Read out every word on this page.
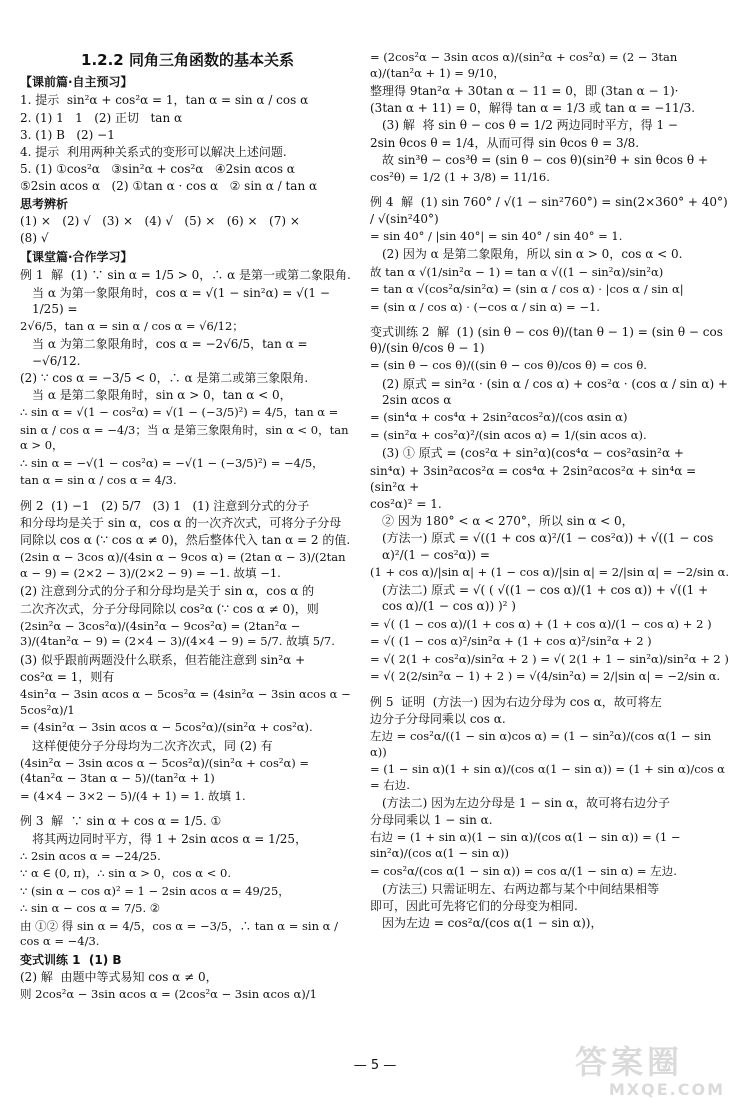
1.2.2 同角三角函数的基本关系
【课前篇·自主预习】
1. 提示  sin²α + cos²α = 1，tan α = sin α / cos α
2. (1) 1   1   (2) 正切   tan α
3. (1) B   (2) −1
4. 提示  利用两种关系式的变形可以解决上述问题.
5. (1) ①cos²α   ③sin²α + cos²α   ④2sin αcos α
⑤2sin αcos α   (2) ①tan α · cos α   ② sin α / tan α
思考辨析
(1) ×   (2) √   (3) ×   (4) √   (5) ×   (6) ×   (7) ×
(8) √
【课堂篇·合作学习】
例 1  解  (1) ∵ sin α = 1/5 > 0，∴ α 是第一或第二象限角.
当 α 为第一象限角时，cos α = √(1 − sin²α) = √(1 − 1/25) =
2√6/5，tan α = sin α / cos α = √6/12；
当 α 为第二象限角时，cos α = −2√6/5，tan α = −√6/12.
(2) ∵ cos α = −3/5 < 0，∴ α 是第二或第三象限角.
当 α 是第二象限角时，sin α > 0，tan α < 0，
∴ sin α = √(1 − cos²α) = √(1 − (−3/5)²) = 4/5，tan α =
sin α / cos α = −4/3；当 α 是第三象限角时，sin α < 0，tan α > 0，
∴ sin α = −√(1 − cos²α) = −√(1 − (−3/5)²) = −4/5，
tan α = sin α / cos α = 4/3.
例 2  (1) −1   (2) 5/7   (3) 1   (1) 注意到分式的分子
和分母均是关于 sin α，cos α 的一次齐次式，可将分子分母
同除以 cos α (∵ cos α ≠ 0)，然后整体代入 tan α = 2 的值.
(2sin α − 3cos α)/(4sin α − 9cos α) = (2tan α − 3)/(2tan α − 9) = (2×2 − 3)/(2×2 − 9) = −1. 故填 −1.
(2) 注意到分式的分子和分母均是关于 sin α，cos α 的
二次齐次式，分子分母同除以 cos²α (∵ cos α ≠ 0)，则
(2sin²α − 3cos²α)/(4sin²α − 9cos²α) = (2tan²α − 3)/(4tan²α − 9) = (2×4 − 3)/(4×4 − 9) = 5/7. 故填 5/7.
(3) 似乎跟前两题没什么联系，但若能注意到 sin²α +
cos²α = 1，则有
4sin²α − 3sin αcos α − 5cos²α = (4sin²α − 3sin αcos α − 5cos²α)/1
= (4sin²α − 3sin αcos α − 5cos²α)/(sin²α + cos²α).
这样便使分子分母均为二次齐次式，同 (2) 有
(4sin²α − 3sin αcos α − 5cos²α)/(sin²α + cos²α) = (4tan²α − 3tan α − 5)/(tan²α + 1)
= (4×4 − 3×2 − 5)/(4 + 1) = 1. 故填 1.
例 3  解  ∵ sin α + cos α = 1/5. ①
将其两边同时平方，得 1 + 2sin αcos α = 1/25，
∴ 2sin αcos α = −24/25.
∵ α ∈ (0, π)，∴ sin α > 0，cos α < 0.
∵ (sin α − cos α)² = 1 − 2sin αcos α = 49/25，
∴ sin α − cos α = 7/5. ②
由 ①② 得 sin α = 4/5，cos α = −3/5，∴ tan α = sin α / cos α = −4/3.
变式训练 1  (1) B
(2) 解  由题中等式易知 cos α ≠ 0，
则 2cos²α − 3sin αcos α = (2cos²α − 3sin αcos α)/1
= (2cos²α − 3sin αcos α)/(sin²α + cos²α) = (2 − 3tan α)/(tan²α + 1) = 9/10，
整理得 9tan²α + 30tan α − 11 = 0，即 (3tan α − 1)·
(3tan α + 11) = 0，解得 tan α = 1/3 或 tan α = −11/3.
(3) 解  将 sin θ − cos θ = 1/2 两边同时平方，得 1 −
2sin θcos θ = 1/4，从而可得 sin θcos θ = 3/8.
故 sin³θ − cos³θ = (sin θ − cos θ)(sin²θ + sin θcos θ +
cos²θ) = 1/2 (1 + 3/8) = 11/16.
例 4  解  (1) sin 760° / √(1 − sin²760°) = sin(2×360° + 40°) / √(sin²40°)
= sin 40° / |sin 40°| = sin 40° / sin 40° = 1.
(2) 因为 α 是第二象限角，所以 sin α > 0，cos α < 0.
故 tan α √(1/sin²α − 1) = tan α √((1 − sin²α)/sin²α)
= tan α √(cos²α/sin²α) = (sin α / cos α) · |cos α / sin α|
= (sin α / cos α) · (−cos α / sin α) = −1.
变式训练 2  解  (1) (sin θ − cos θ)/(tan θ − 1) = (sin θ − cos θ)/(sin θ/cos θ − 1)
= (sin θ − cos θ)/((sin θ − cos θ)/cos θ) = cos θ.
(2) 原式 = sin²α · (sin α / cos α) + cos²α · (cos α / sin α) + 2sin αcos α
= (sin⁴α + cos⁴α + 2sin²αcos²α)/(cos αsin α)
= (sin²α + cos²α)²/(sin αcos α) = 1/(sin αcos α).
(3) ① 原式 = (cos²α + sin²α)(cos⁴α − cos²αsin²α +
sin⁴α) + 3sin²αcos²α = cos⁴α + 2sin²αcos²α + sin⁴α = (sin²α +
cos²α)² = 1.
② 因为 180° < α < 270°，所以 sin α < 0，
(方法一) 原式 = √((1 + cos α)²/(1 − cos²α)) + √((1 − cos α)²/(1 − cos²α)) =
(1 + cos α)/|sin α| + (1 − cos α)/|sin α| = 2/|sin α| = −2/sin α.
(方法二) 原式 = √( ( √((1 − cos α)/(1 + cos α)) + √((1 + cos α)/(1 − cos α)) )² )
= √( (1 − cos α)/(1 + cos α) + (1 + cos α)/(1 − cos α) + 2 )
= √( (1 − cos α)²/sin²α + (1 + cos α)²/sin²α + 2 )
= √( 2(1 + cos²α)/sin²α + 2 ) = √( 2(1 + 1 − sin²α)/sin²α + 2 )
= √( 2(2/sin²α − 1) + 2 ) = √(4/sin²α) = 2/|sin α| = −2/sin α.
例 5  证明  (方法一) 因为右边分母为 cos α，故可将左
边分子分母同乘以 cos α.
左边 = cos²α/((1 − sin α)cos α) = (1 − sin²α)/(cos α(1 − sin α))
= (1 − sin α)(1 + sin α)/(cos α(1 − sin α)) = (1 + sin α)/cos α = 右边.
(方法二) 因为左边分母是 1 − sin α，故可将右边分子
分母同乘以 1 − sin α.
右边 = (1 + sin α)(1 − sin α)/(cos α(1 − sin α)) = (1 − sin²α)/(cos α(1 − sin α))
= cos²α/(cos α(1 − sin α)) = cos α/(1 − sin α) = 左边.
(方法三) 只需证明左、右两边都与某个中间结果相等
即可，因此可先将它们的分母变为相同.
因为左边 = cos²α/(cos α(1 − sin α))，
— 5 —	答案圈
MXQE.COM
